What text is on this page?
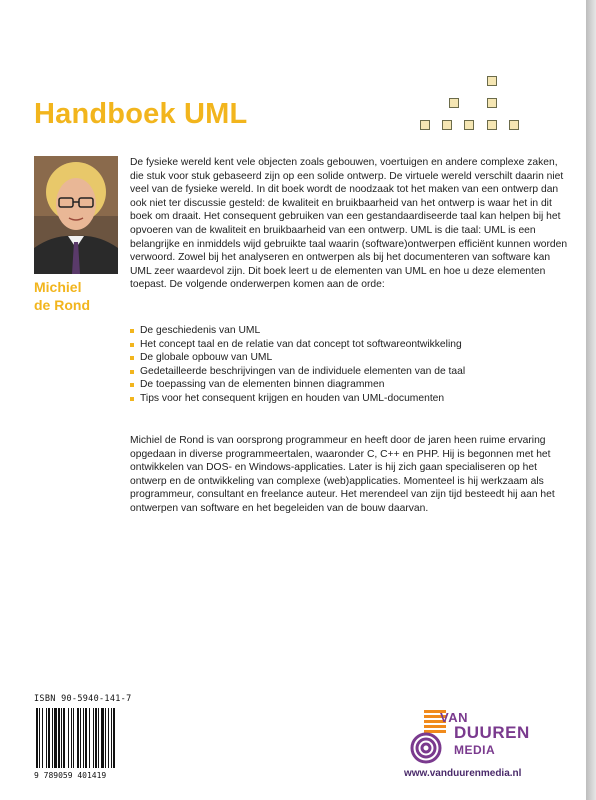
Handboek UML
Michiel
de Rond
De fysieke wereld kent vele objecten zoals gebouwen, voertuigen en andere complexe zaken, die stuk voor stuk gebaseerd zijn op een solide ontwerp. De virtuele wereld verschilt daarin niet veel van de fysieke wereld. In dit boek wordt de noodzaak tot het maken van een ontwerp dan ook niet ter discussie gesteld: de kwaliteit en bruikbaarheid van het ontwerp is waar het in dit boek om draait. Het consequent gebruiken van een gestandaardiseerde taal kan helpen bij het opvoeren van de kwaliteit en bruikbaarheid van een ontwerp. UML is die taal: UML is een belangrijke en inmiddels wijd gebruikte taal waarin (software)ontwerpen efficiënt kunnen worden verwoord. Zowel bij het analyseren en ontwerpen als bij het documenteren van software kan UML zeer waardevol zijn. Dit boek leert u de elementen van UML en hoe u deze elementen toepast. De volgende onderwerpen komen aan de orde:
De geschiedenis van UML
Het concept taal en de relatie van dat concept tot softwareontwikkeling
De globale opbouw van UML
Gedetailleerde beschrijvingen van de individuele elementen van de taal
De toepassing van de elementen binnen diagrammen
Tips voor het consequent krijgen en houden van UML-documenten
Michiel de Rond is van oorsprong programmeur en heeft door de jaren heen ruime ervaring opgedaan in diverse programmeertalen, waaronder C, C++ en PHP. Hij is begonnen met het ontwikkelen van DOS- en Windows-applicaties. Later is hij zich gaan specialiseren op het ontwerp en de ontwikkeling van complexe (web)applicaties. Momenteel is hij werkzaam als programmeur, consultant en freelance auteur. Het merendeel van zijn tijd besteedt hij aan het ontwerpen van software en het begeleiden van de bouw daarvan.
ISBN 90-5940-141-7
9 789059 401419
VAN
DUUREN
MEDIA
www.vanduurenmedia.nl
